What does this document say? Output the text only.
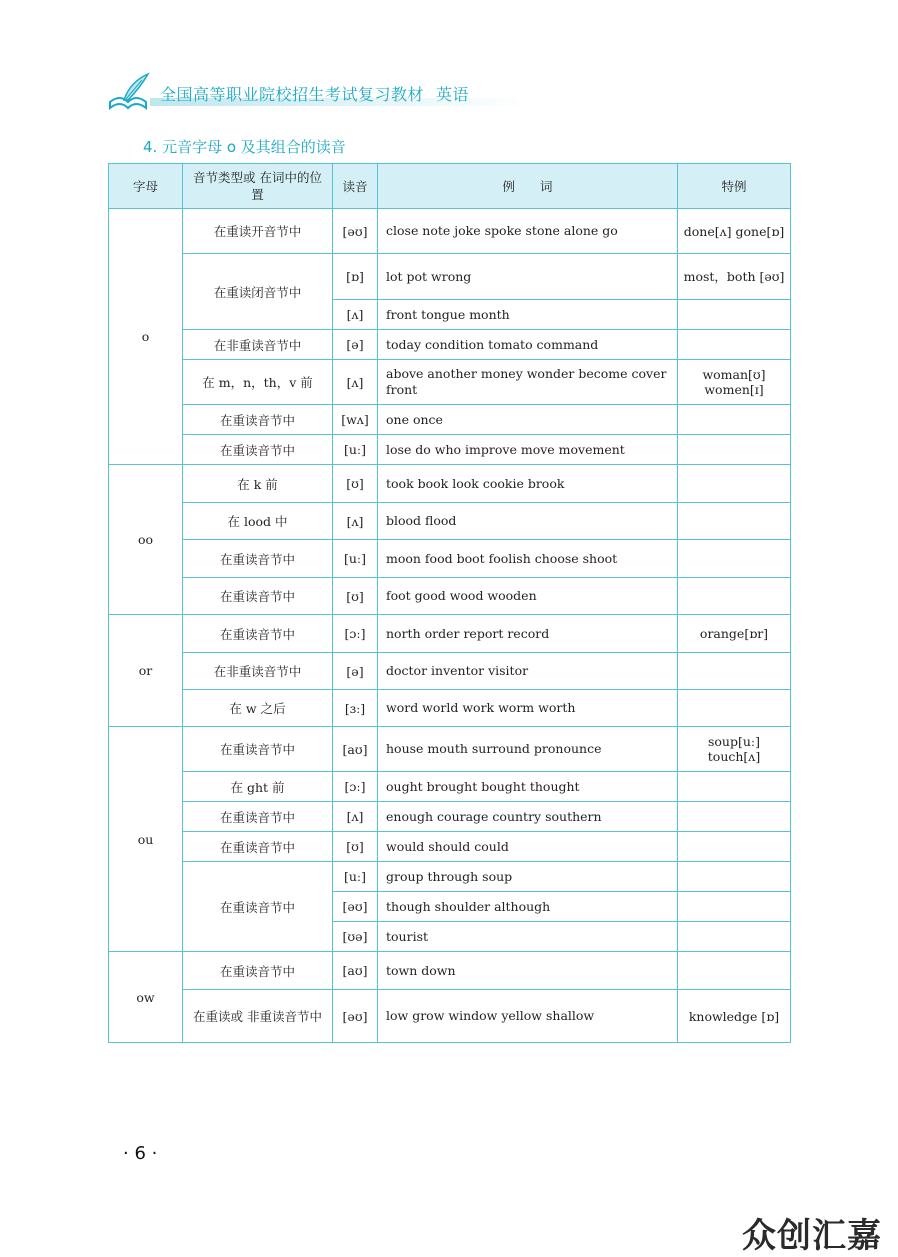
全国高等职业院校招生考试复习教材 英语
4. 元音字母 o 及其组合的读音
字母	音节类型或 在词中的位置	读音	例　　词	特例
o	在重读开音节中	[əʊ]	close note joke spoke stone alone go	done[ʌ] gone[ɒ]
	在重读闭音节中	[ɒ]	lot pot wrong	most，both [əʊ]
		[ʌ]	front tongue month	
	在非重读音节中	[ə]	today condition tomato command	
	在 m，n，th，v 前	[ʌ]	above another money wonder become cover front	woman[ʊ] women[ɪ]
	在重读音节中	[wʌ]	one once	
	在重读音节中	[uː]	lose do who improve move movement	
oo	在 k 前	[ʊ]	took book look cookie brook	
	在 lood 中	[ʌ]	blood flood	
	在重读音节中	[uː]	moon food boot foolish choose shoot	
	在重读音节中	[ʊ]	foot good wood wooden	
or	在重读音节中	[ɔː]	north order report record	orange[ɒr]
	在非重读音节中	[ə]	doctor inventor visitor	
	在 w 之后	[ɜː]	word world work worm worth	
ou	在重读音节中	[aʊ]	house mouth surround pronounce	soup[uː] touch[ʌ]
	在 ght 前	[ɔː]	ought brought bought thought	
	在重读音节中	[ʌ]	enough courage country southern	
	在重读音节中	[ʊ]	would should could	
	在重读音节中	[uː]	group through soup	
		[əʊ]	though shoulder although	
		[ʊə]	tourist	
ow	在重读音节中	[aʊ]	town down	
	在重读或 非重读音节中	[əʊ]	low grow window yellow shallow	knowledge [ɒ]
· 6 ·
众创汇嘉
